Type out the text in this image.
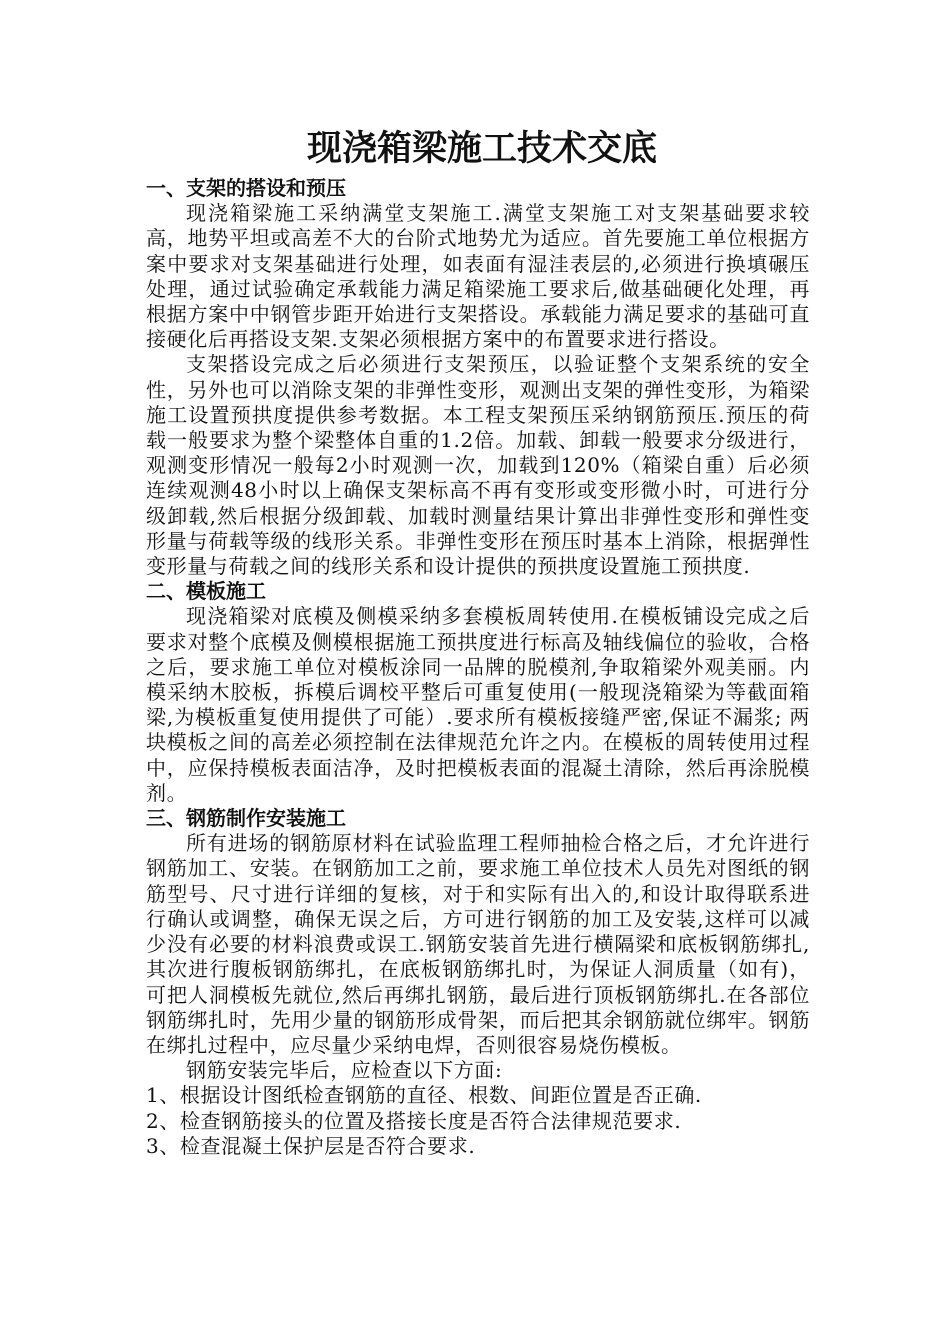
现浇箱梁施工技术交底
一、支架的搭设和预压

现浇箱梁施工采纳满堂支架施工.满堂支架施工对支架基础要求较高，地势平坦或高差不大的台阶式地势尤为适应。首先要施工单位根据方案中要求对支架基础进行处理，如表面有湿洼表层的,必须进行换填碾压处理，通过试验确定承载能力满足箱梁施工要求后,做基础硬化处理，再根据方案中中钢管步距开始进行支架搭设。承载能力满足要求的基础可直接硬化后再搭设支架.支架必须根据方案中的布置要求进行搭设。

支架搭设完成之后必须进行支架预压，以验证整个支架系统的安全性，另外也可以消除支架的非弹性变形，观测出支架的弹性变形，为箱梁施工设置预拱度提供参考数据。本工程支架预压采纳钢筋预压.预压的荷载一般要求为整个梁整体自重的1.2倍。加载、卸载一般要求分级进行，观测变形情况一般每2小时观测一次，加载到120%（箱梁自重）后必须连续观测48小时以上确保支架标高不再有变形或变形微小时，可进行分级卸载,然后根据分级卸载、加载时测量结果计算出非弹性变形和弹性变形量与荷载等级的线形关系。非弹性变形在预压时基本上消除，根据弹性变形量与荷载之间的线形关系和设计提供的预拱度设置施工预拱度.

二、模板施工

现浇箱梁对底模及侧模采纳多套模板周转使用.在模板铺设完成之后要求对整个底模及侧模根据施工预拱度进行标高及轴线偏位的验收，合格之后，要求施工单位对模板涂同一品牌的脱模剂,争取箱梁外观美丽。内模采纳木胶板，拆模后调校平整后可重复使用(一般现浇箱梁为等截面箱梁,为模板重复使用提供了可能）.要求所有模板接缝严密,保证不漏浆; 两块模板之间的高差必须控制在法律规范允许之内。在模板的周转使用过程中，应保持模板表面洁净，及时把模板表面的混凝土清除，然后再涂脱模剂。

三、钢筋制作安装施工

所有进场的钢筋原材料在试验监理工程师抽检合格之后，才允许进行钢筋加工、安装。在钢筋加工之前，要求施工单位技术人员先对图纸的钢筋型号、尺寸进行详细的复核，对于和实际有出入的,和设计取得联系进行确认或调整，确保无误之后，方可进行钢筋的加工及安装,这样可以减少没有必要的材料浪费或误工.钢筋安装首先进行横隔梁和底板钢筋绑扎,其次进行腹板钢筋绑扎，在底板钢筋绑扎时，为保证人洞质量（如有)，可把人洞模板先就位,然后再绑扎钢筋，最后进行顶板钢筋绑扎.在各部位钢筋绑扎时，先用少量的钢筋形成骨架，而后把其余钢筋就位绑牢。钢筋在绑扎过程中，应尽量少采纳电焊，否则很容易烧伤模板。

钢筋安装完毕后，应检查以下方面:

1、根据设计图纸检查钢筋的直径、根数、间距位置是否正确.
2、检查钢筋接头的位置及搭接长度是否符合法律规范要求.
3、检查混凝土保护层是否符合要求.
